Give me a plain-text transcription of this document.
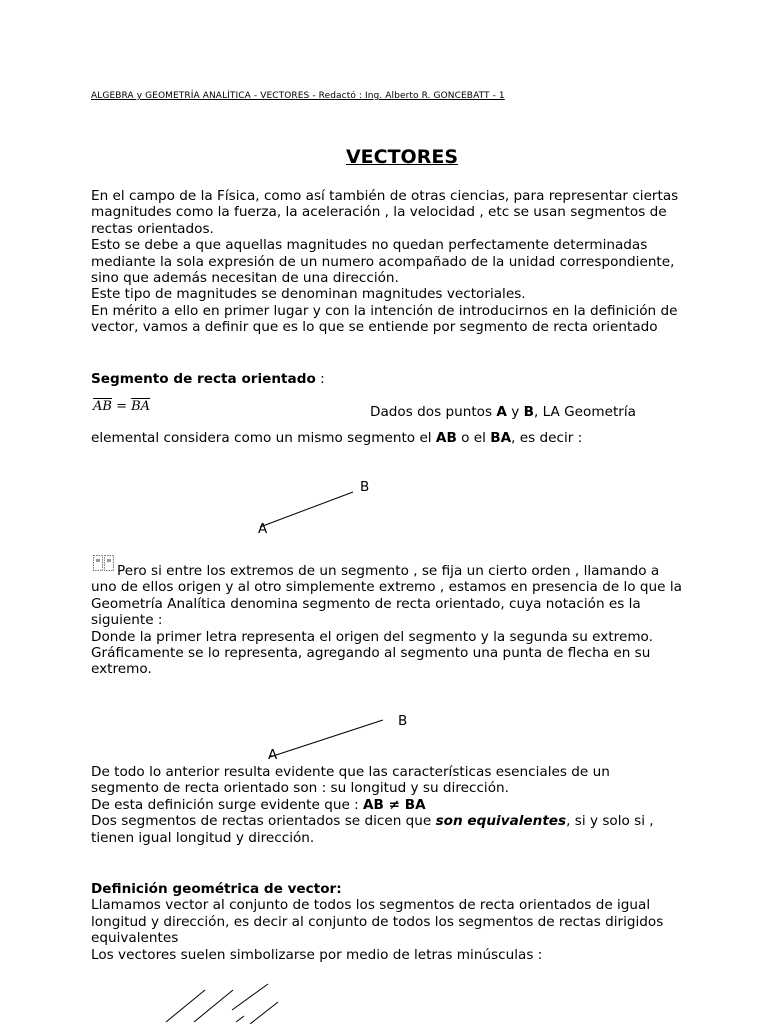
ALGEBRA y GEOMETRÍA ANALÍTICA - VECTORES - Redactó : Ing. Alberto R. GONCEBATT - 1
VECTORES
En el campo de la Física, como así también de otras ciencias, para representar ciertas
magnitudes como la fuerza, la aceleración , la velocidad , etc se usan segmentos de
rectas orientados.
Esto se debe a que aquellas magnitudes no quedan perfectamente determinadas
mediante la sola expresión de un numero acompañado de la unidad correspondiente,
sino que además necesitan de una dirección.
Este tipo de magnitudes se denominan magnitudes vectoriales.
En mérito a ello en primer lugar y con la intención de introducirnos en la definición de
vector, vamos a definir que es lo que se entiende por segmento de recta orientado
Segmento de recta orientado :
$\overline{AB} = \overline{BA}$	Dados dos puntos A y B, LA Geometría
elemental considera como un mismo segmento el AB o el BA, es decir :
B
A
Pero si entre los extremos de un segmento , se fija un cierto orden , llamando a
uno de ellos origen y al otro simplemente extremo , estamos en presencia de lo que la
Geometría Analítica denomina segmento de recta orientado, cuya notación es la
siguiente :
Donde la primer letra representa el origen del segmento y la segunda su extremo.
Gráficamente se lo representa, agregando al segmento una punta de flecha en su
extremo.
B
A
De todo lo anterior resulta evidente que las características esenciales de un
segmento de recta orientado son : su longitud y su dirección.
De esta definición surge evidente que : AB ≠ BA
Dos segmentos de rectas orientados se dicen que son equivalentes, si y solo si ,
tienen igual longitud y dirección.
Definición geométrica de vector:
Llamamos vector al conjunto de todos los segmentos de recta orientados de igual
longitud y dirección, es decir al conjunto de todos los segmentos de rectas dirigidos
equivalentes
Los vectores suelen simbolizarse por medio de letras minúsculas :
